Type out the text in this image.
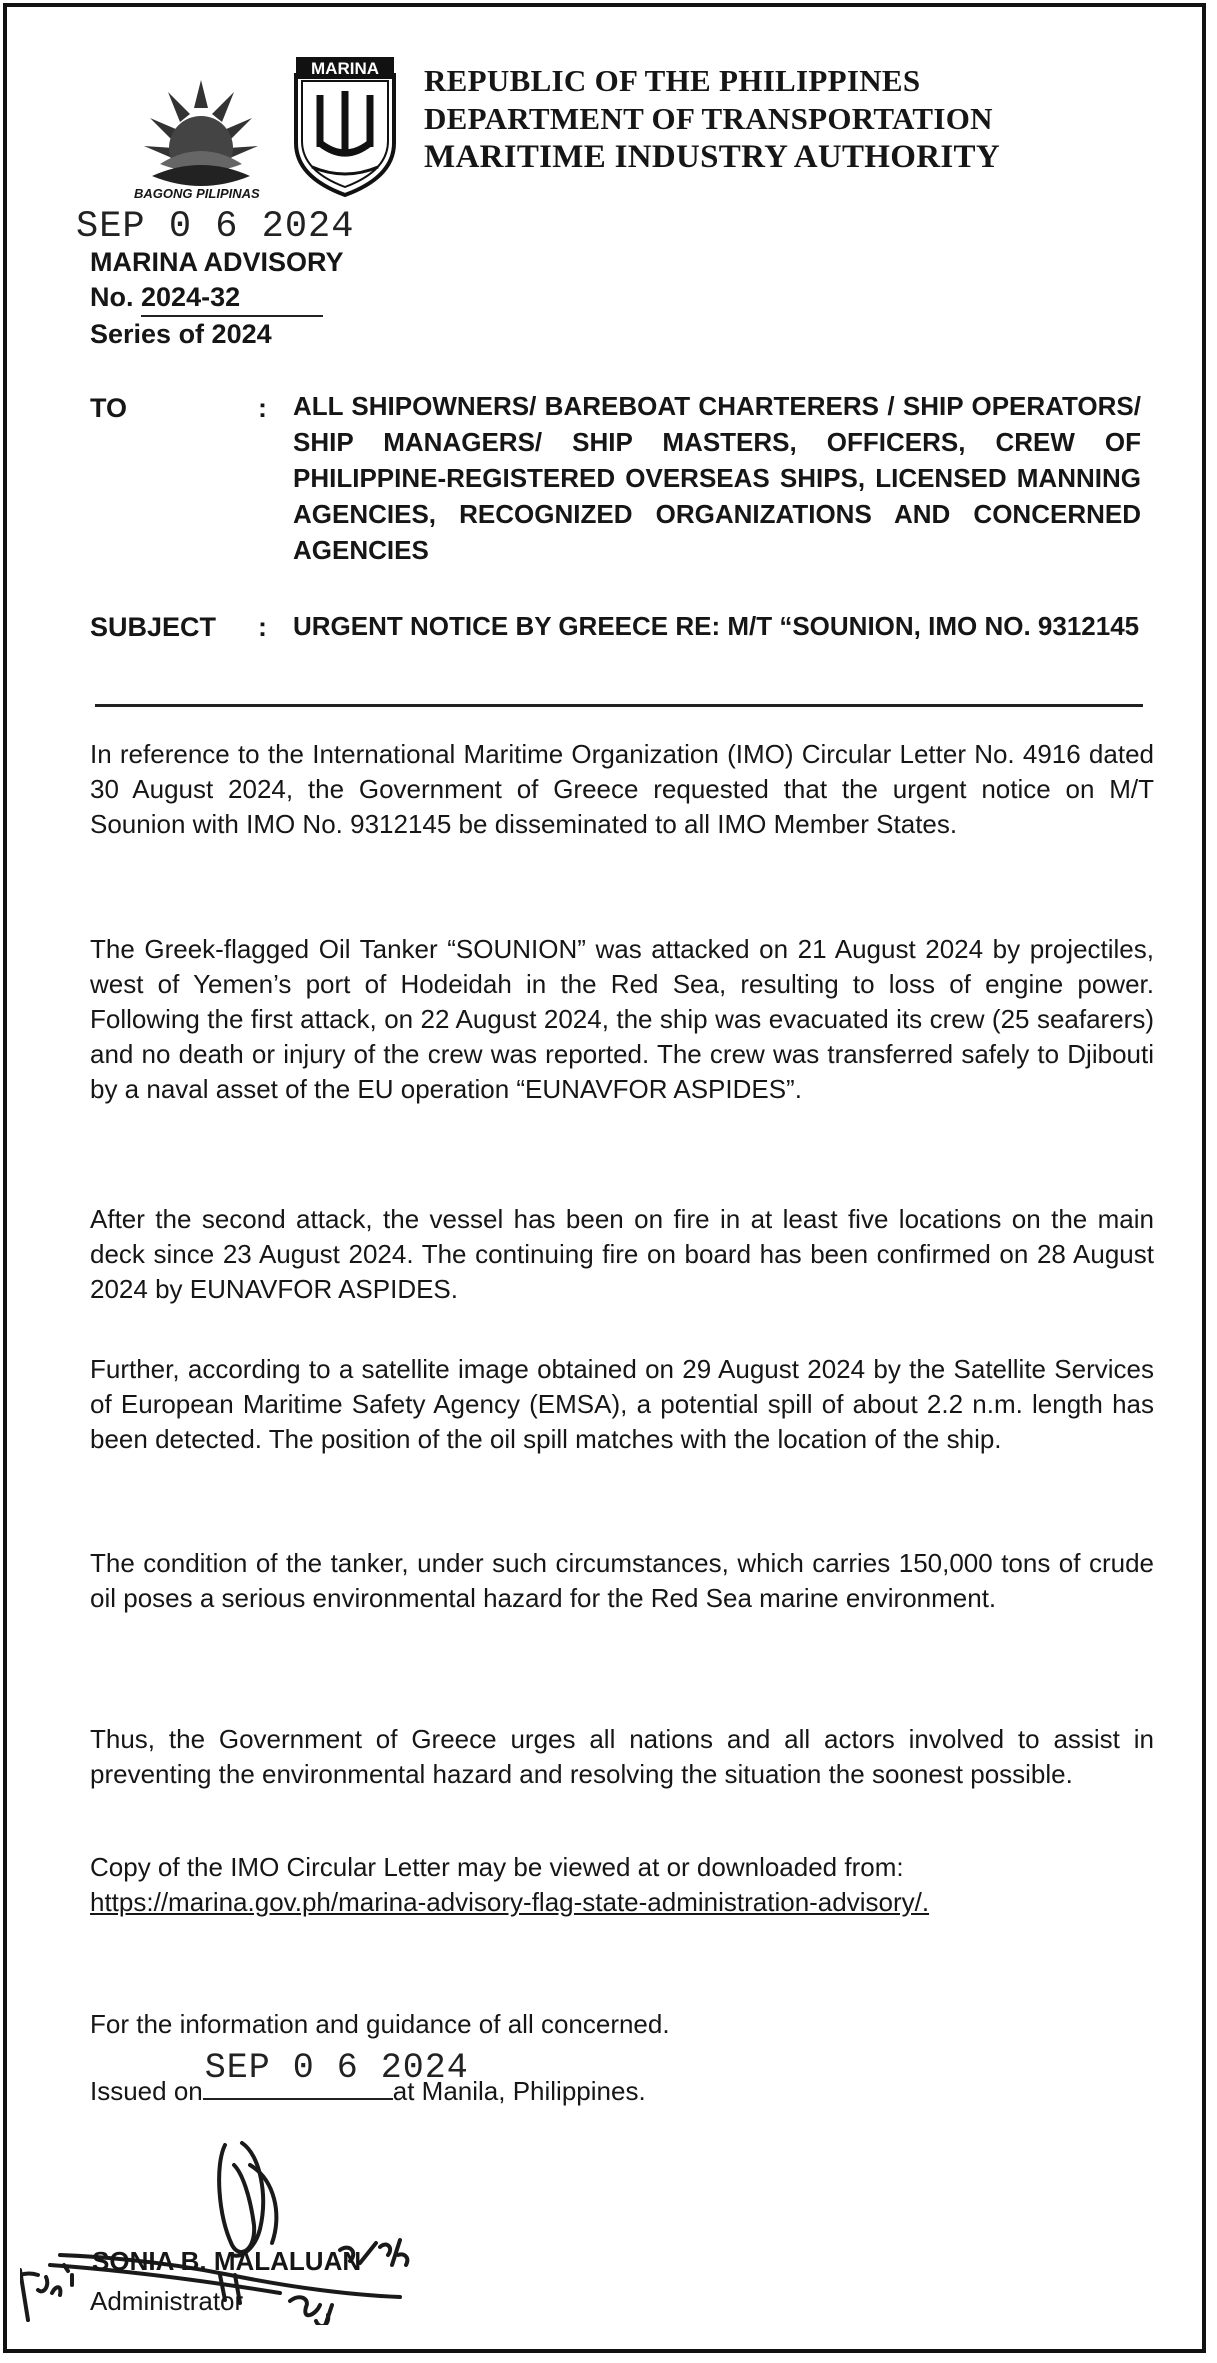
BAGONG PILIPINAS
MARINA REPUBLIC OF THE PHILIPPINES
DEPARTMENT OF TRANSPORTATION
MARITIME INDUSTRY AUTHORITY
SEP 0 6 2024
MARINA ADVISORY
No. 2024-32
Series of 2024
TO	: ALL SHIPOWNERS/ BAREBOAT CHARTERERS / SHIP OPERATORS/ SHIP MANAGERS/ SHIP MASTERS, OFFICERS, CREW OF PHILIPPINE-REGISTERED OVERSEAS SHIPS, LICENSED MANNING AGENCIES, RECOGNIZED ORGANIZATIONS AND CONCERNED AGENCIES
SUBJECT : URGENT NOTICE BY GREECE RE: M/T “SOUNION, IMO NO. 9312145
In reference to the International Maritime Organization (IMO) Circular Letter No. 4916 dated 30 August 2024, the Government of Greece requested that the urgent notice on M/T Sounion with IMO No. 9312145 be disseminated to all IMO Member States.
The Greek-flagged Oil Tanker “SOUNION” was attacked on 21 August 2024 by projectiles, west of Yemen’s port of Hodeidah in the Red Sea, resulting to loss of engine power. Following the first attack, on 22 August 2024, the ship was evacuated its crew (25 seafarers) and no death or injury of the crew was reported. The crew was transferred safely to Djibouti by a naval asset of the EU operation “EUNAVFOR ASPIDES”.
After the second attack, the vessel has been on fire in at least five locations on the main deck since 23 August 2024. The continuing fire on board has been confirmed on 28 August 2024 by EUNAVFOR ASPIDES.
Further, according to a satellite image obtained on 29 August 2024 by the Satellite Services of European Maritime Safety Agency (EMSA), a potential spill of about 2.2 n.m. length has been detected. The position of the oil spill matches with the location of the ship.
The condition of the tanker, under such circumstances, which carries 150,000 tons of crude oil poses a serious environmental hazard for the Red Sea marine environment.
Thus, the Government of Greece urges all nations and all actors involved to assist in preventing the environmental hazard and resolving the situation the soonest possible.
Copy of the IMO Circular Letter may be viewed at or downloaded from:
https://marina.gov.ph/marina-advisory-flag-state-administration-advisory/.
For the information and guidance of all concerned.
Issued on
SEP 0 6 2024
at Manila, Philippines.
SONIA B. MALALUAN
Administrator
